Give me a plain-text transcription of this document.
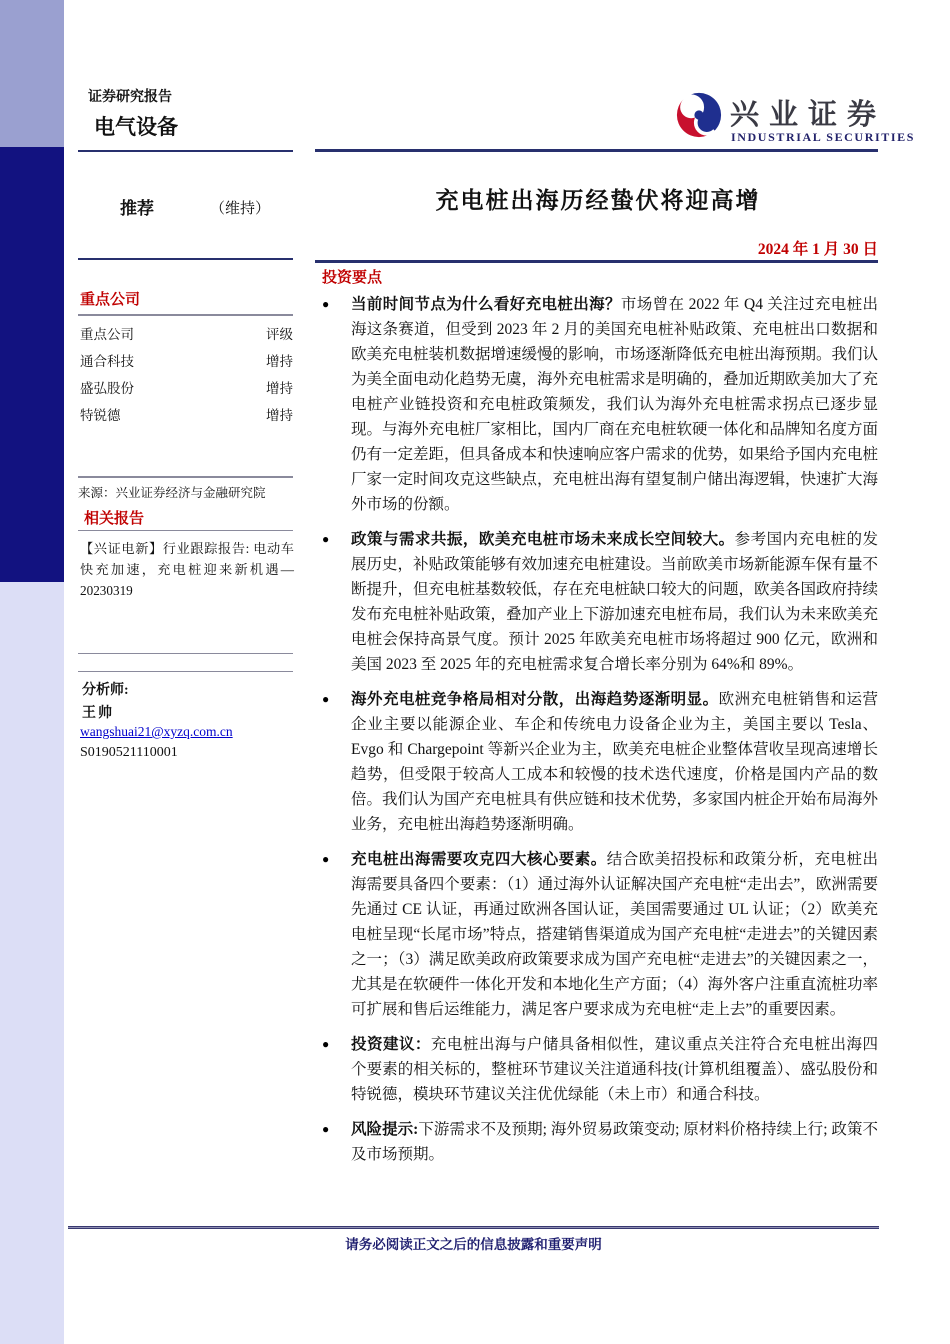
行业研究
行业深度研究报告
证券研究报告
电气设备	兴业证券
INDUSTRIAL SECURITIES
推荐	（维持）	充电桩出海历经蛰伏将迎高增
2024 年 1 月 30 日
重点公司
重点公司	评级
通合科技	增持
盛弘股份	增持
特锐德	增持
来源：兴业证券经济与金融研究院
相关报告
【兴证电新】行业跟踪报告: 电动车快充加速，充电桩迎来新机遇—20230319
分析师:
王帅
wangshuai21@xyzq.com.cn
S0190521110001
投资要点
● 当前时间节点为什么看好充电桩出海？市场曾在 2022 年 Q4 关注过充电桩出海这条赛道，但受到 2023 年 2 月的美国充电桩补贴政策、充电桩出口数据和欧美充电桩装机数据增速缓慢的影响，市场逐渐降低充电桩出海预期。我们认为美全面电动化趋势无虞，海外充电桩需求是明确的，叠加近期欧美加大了充电桩产业链投资和充电桩政策频发，我们认为海外充电桩需求拐点已逐步显现。与海外充电桩厂家相比，国内厂商在充电桩软硬一体化和品牌知名度方面仍有一定差距，但具备成本和快速响应客户需求的优势，如果给予国内充电桩厂家一定时间攻克这些缺点，充电桩出海有望复制户储出海逻辑，快速扩大海外市场的份额。
● 政策与需求共振，欧美充电桩市场未来成长空间较大。参考国内充电桩的发展历史，补贴政策能够有效加速充电桩建设。当前欧美市场新能源车保有量不断提升，但充电桩基数较低，存在充电桩缺口较大的问题，欧美各国政府持续发布充电桩补贴政策，叠加产业上下游加速充电桩布局，我们认为未来欧美充电桩会保持高景气度。预计 2025 年欧美充电桩市场将超过 900 亿元，欧洲和美国 2023 至 2025 年的充电桩需求复合增长率分别为 64%和 89%。
● 海外充电桩竞争格局相对分散，出海趋势逐渐明显。欧洲充电桩销售和运营企业主要以能源企业、车企和传统电力设备企业为主，美国主要以 Tesla、Evgo 和 Chargepoint 等新兴企业为主，欧美充电桩企业整体营收呈现高速增长趋势，但受限于较高人工成本和较慢的技术迭代速度，价格是国内产品的数倍。我们认为国产充电桩具有供应链和技术优势，多家国内桩企开始布局海外业务，充电桩出海趋势逐渐明确。
● 充电桩出海需要攻克四大核心要素。结合欧美招投标和政策分析，充电桩出海需要具备四个要素：（1）通过海外认证解决国产充电桩“走出去”，欧洲需要先通过 CE 认证，再通过欧洲各国认证，美国需要通过 UL 认证；（2）欧美充电桩呈现“长尾市场”特点，搭建销售渠道成为国产充电桩“走进去”的关键因素之一；（3）满足欧美政府政策要求成为国产充电桩“走进去”的关键因素之一，尤其是在软硬件一体化开发和本地化生产方面；（4）海外客户注重直流桩功率可扩展和售后运维能力，满足客户要求成为充电桩“走上去”的重要因素。
● 投资建议：充电桩出海与户储具备相似性，建议重点关注符合充电桩出海四个要素的相关标的，整桩环节建议关注道通科技(计算机组覆盖）、盛弘股份和特锐德，模块环节建议关注优优绿能（未上市）和通合科技。
● 风险提示:下游需求不及预期; 海外贸易政策变动; 原材料价格持续上行; 政策不及市场预期。
请务必阅读正文之后的信息披露和重要声明
